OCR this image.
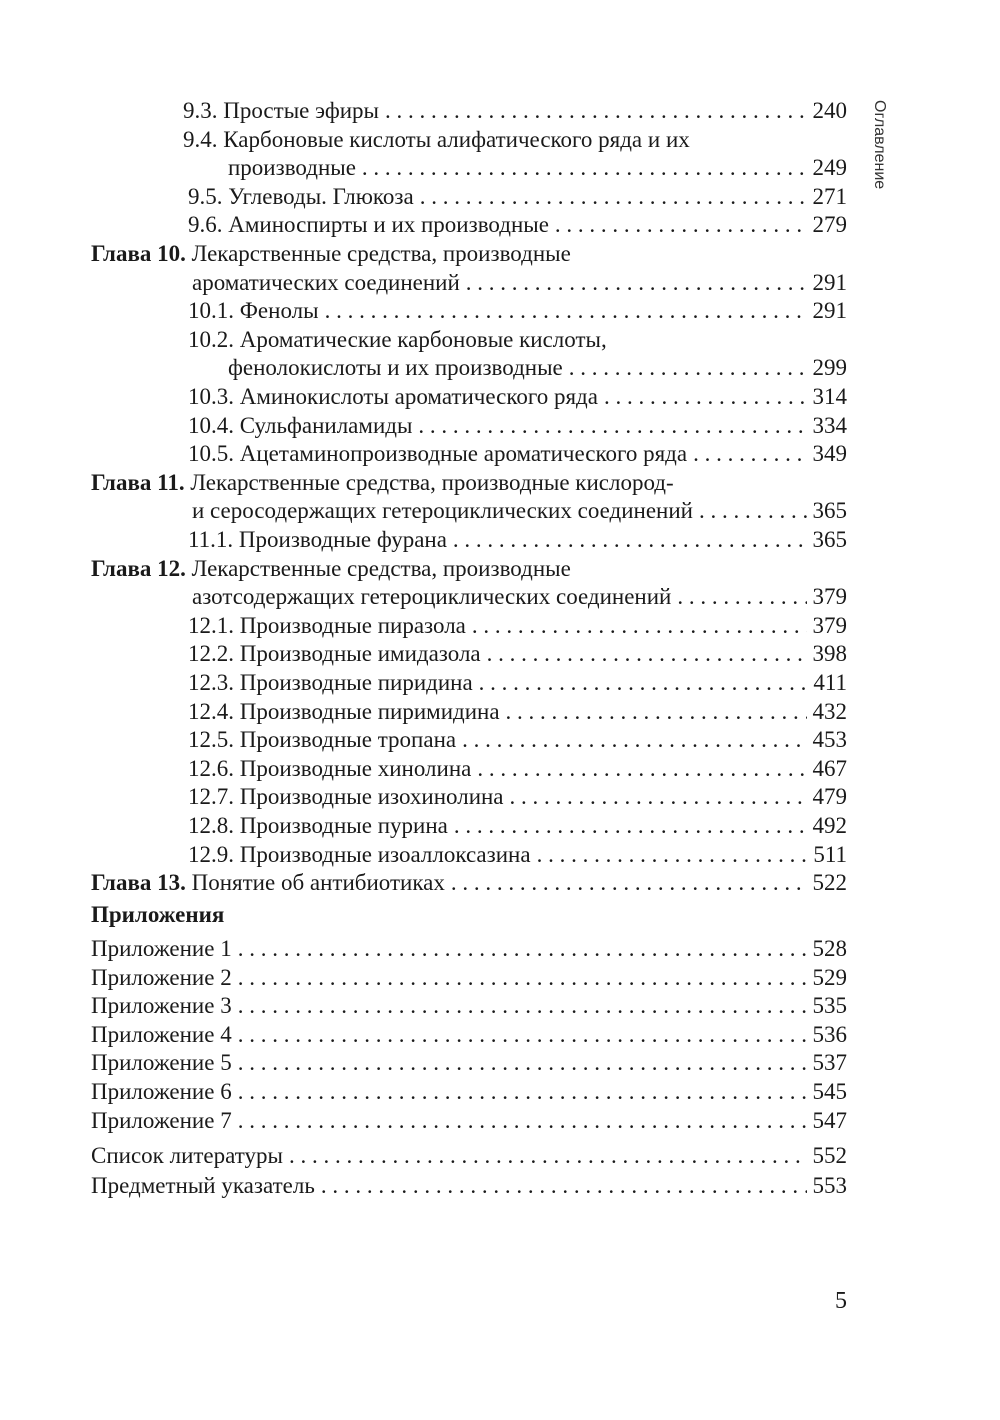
Оглавление
9.3. Простые эфиры . . .	240
9.4. Карбоновые кислоты алифатического ряда и их
производные . . .	249
9.5. Углеводы. Глюкоза . . .	271
9.6. Аминоспирты и их производные . . .	279
Глава 10. Лекарственные средства, производные
ароматических соединений . . .	291
10.1. Фенолы . . .	291
10.2. Ароматические карбоновые кислоты,
фенолокислоты и их производные . . .	299
10.3. Аминокислоты ароматического ряда . . .	314
10.4. Сульфаниламиды . . .	334
10.5. Ацетаминопроизводные ароматического ряда . . .	349
Глава 11. Лекарственные средства, производные кислород-
и серосодержащих гетероциклических соединений . . .	365
11.1. Производные фурана . . .	365
Глава 12. Лекарственные средства, производные
азотсодержащих гетероциклических соединений . . .	379
12.1. Производные пиразола . . .	379
12.2. Производные имидазола . . .	398
12.3. Производные пиридина . . .	411
12.4. Производные пиримидина . . .	432
12.5. Производные тропана . . .	453
12.6. Производные хинолина . . .	467
12.7. Производные изохинолина . . .	479
12.8. Производные пурина . . .	492
12.9. Производные изоаллоксазина . . .	511
Глава 13. Понятие об антибиотиках . . .	522
Приложение 1 . . .	528
Приложение 2 . . .	529
Приложение 3 . . .	535
Приложение 4 . . .	536
Приложение 5 . . .	537
Приложение 6 . . .	545
Приложение 7 . . .	547
Список литературы . . .	552
Предметный указатель . . .	553
Приложения
5
